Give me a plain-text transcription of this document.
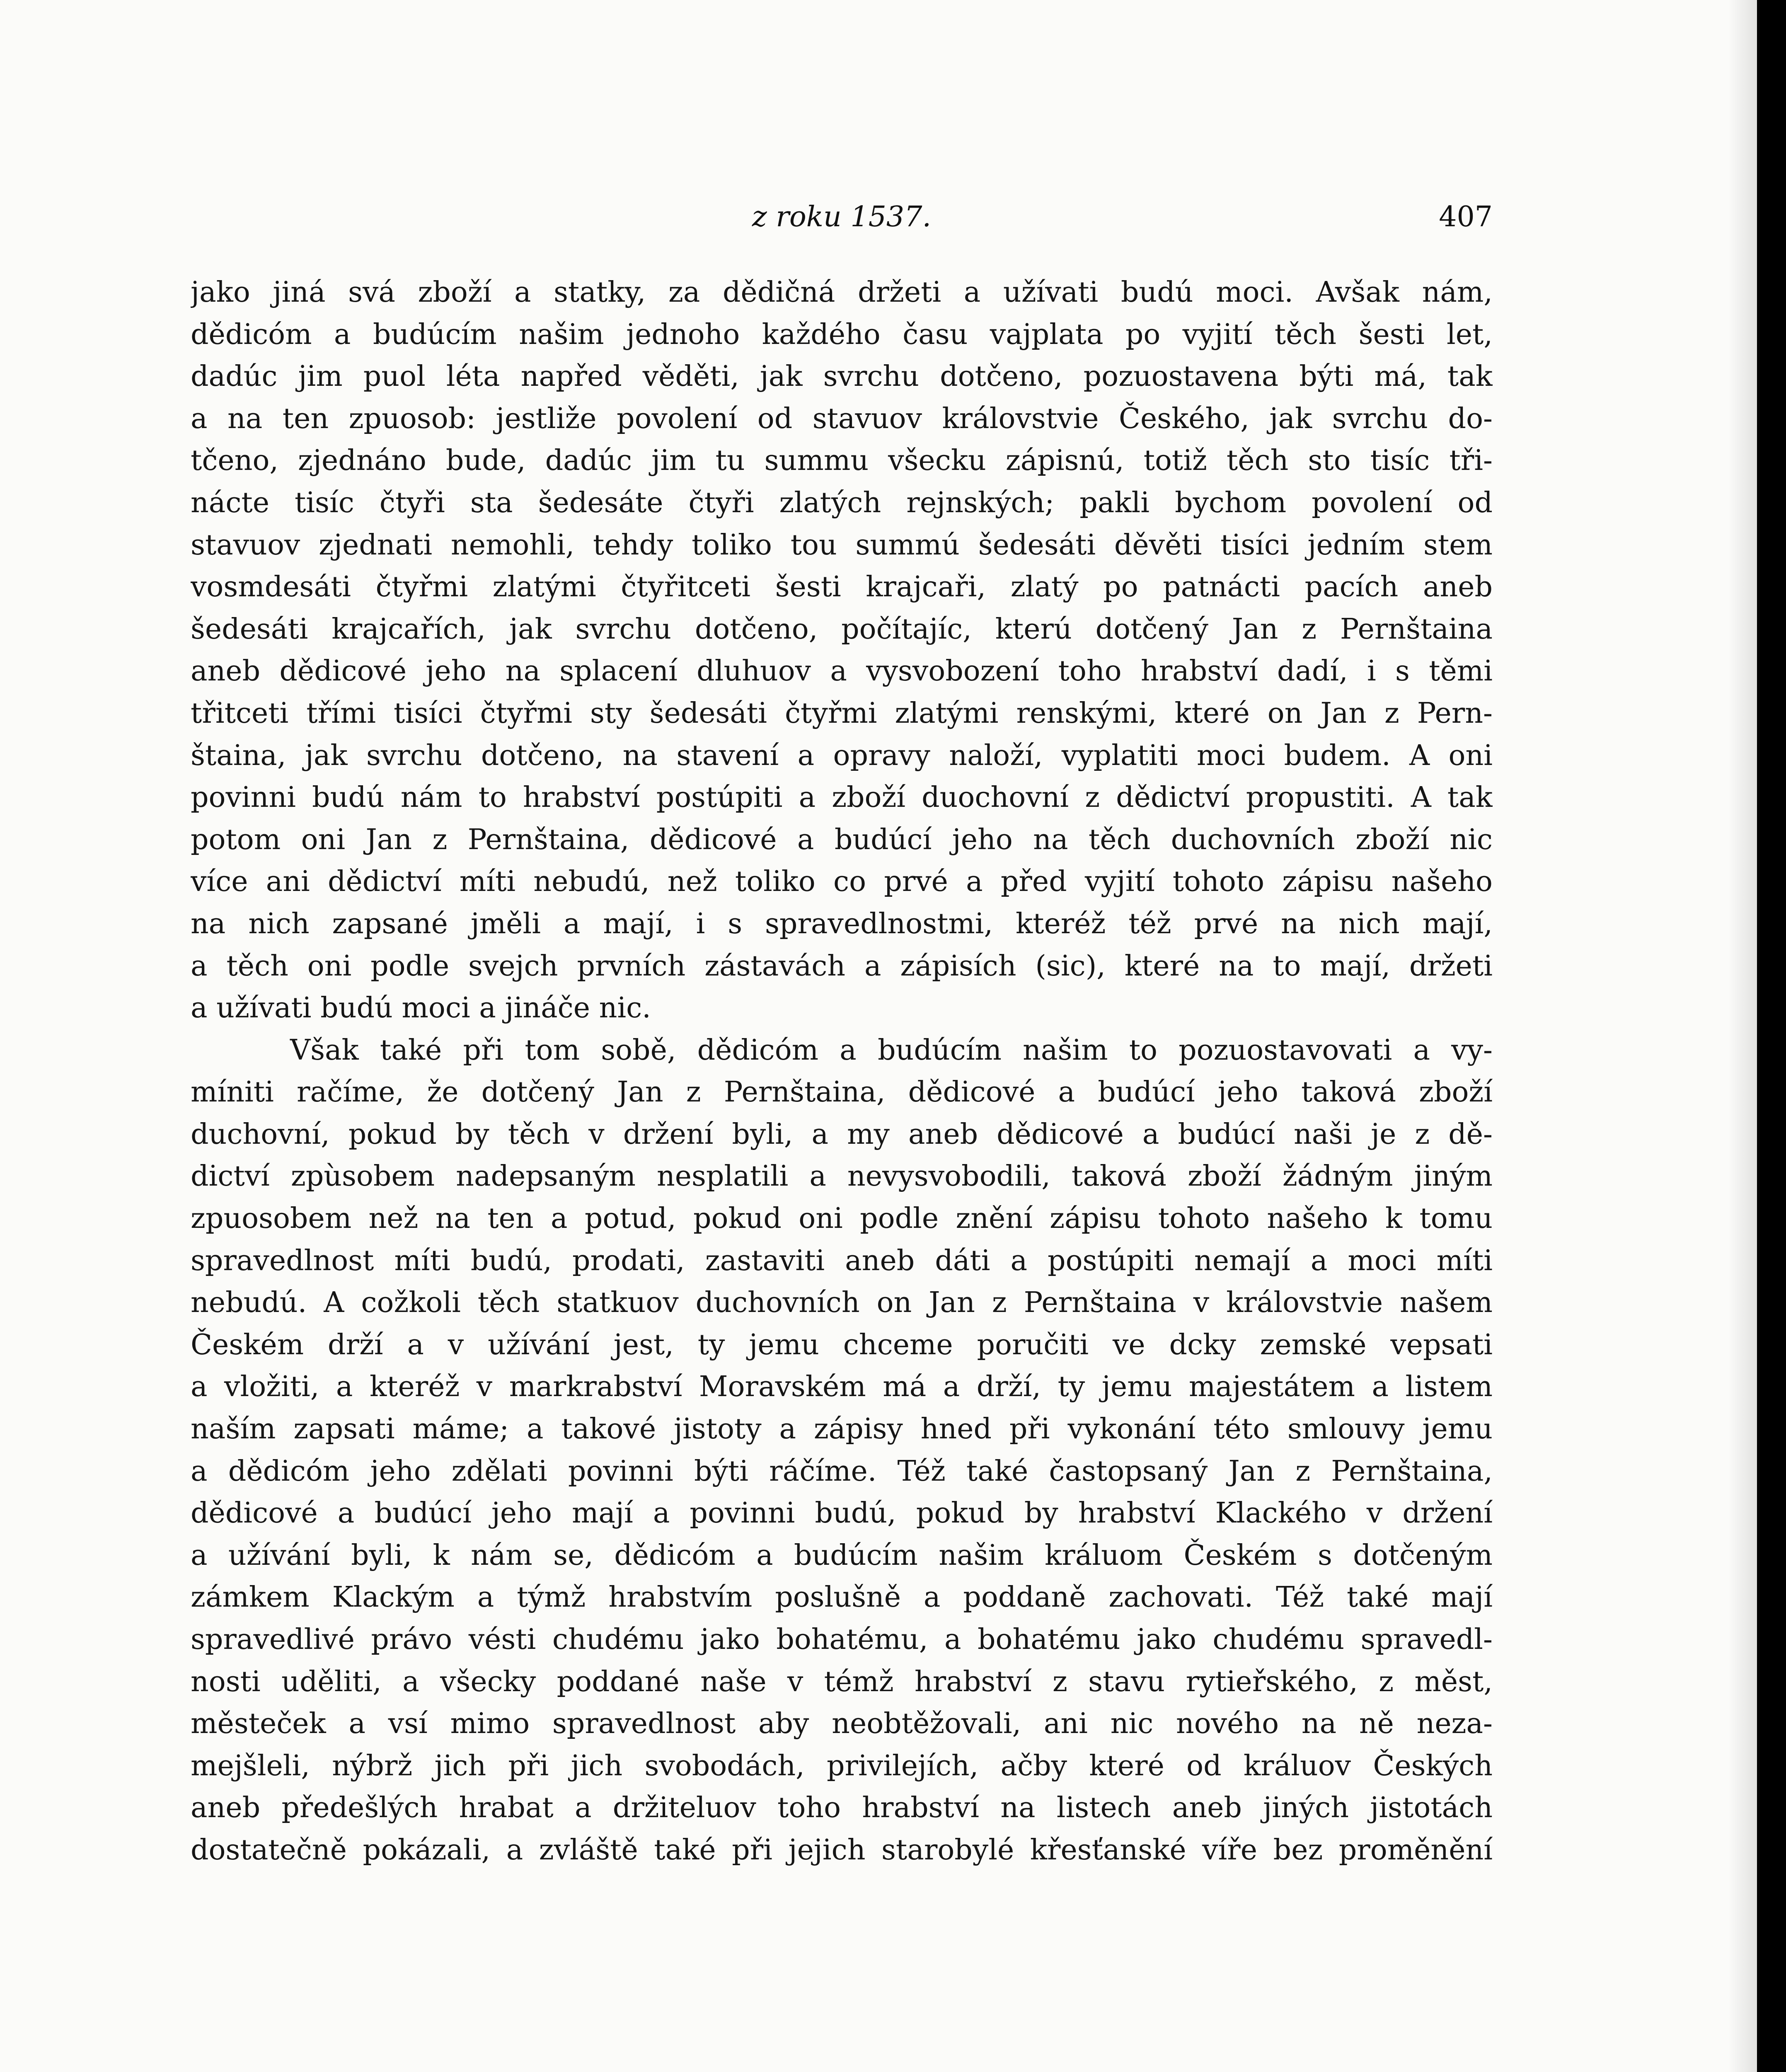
z roku 1537.	407
jako jiná svá zboží a statky, za dědičná držeti a užívati budú moci. Avšak nám,
dědicóm a budúcím našim jednoho každého času vajplata po vyjití těch šesti let,
dadúc jim puol léta napřed věděti, jak svrchu dotčeno, pozuostavena býti má, tak
a na ten zpuosob: jestliže povolení od stavuov královstvie Českého, jak svrchu do-
tčeno, zjednáno bude, dadúc jim tu summu všecku zápisnú, totiž těch sto tisíc tři-
nácte tisíc čtyři sta šedesáte čtyři zlatých rejnských; pakli bychom povolení od
stavuov zjednati nemohli, tehdy toliko tou summú šedesáti děvěti tisíci jedním stem
vosmdesáti čtyřmi zlatými čtyřitceti šesti krajcaři, zlatý po patnácti pacích aneb
šedesáti krajcařích, jak svrchu dotčeno, počítajíc, kterú dotčený Jan z Pernštaina
aneb dědicové jeho na splacení dluhuov a vysvobození toho hrabství dadí, i s těmi
třitceti třími tisíci čtyřmi sty šedesáti čtyřmi zlatými renskými, které on Jan z Pern-
štaina, jak svrchu dotčeno, na stavení a opravy naloží, vyplatiti moci budem. A oni
povinni budú nám to hrabství postúpiti a zboží duochovní z dědictví propustiti. A tak
potom oni Jan z Pernštaina, dědicové a budúcí jeho na těch duchovních zboží nic
více ani dědictví míti nebudú, než toliko co prvé a před vyjití tohoto zápisu našeho
na nich zapsané jměli a mají, i s spravedlnostmi, kteréž též prvé na nich mají,
a těch oni podle svejch prvních zástavách a zápisích (sic), které na to mají, držeti
a užívati budú moci a jináče nic.
Však také při tom sobě, dědicóm a budúcím našim to pozuostavovati a vy-
míniti račíme, že dotčený Jan z Pernštaina, dědicové a budúcí jeho taková zboží
duchovní, pokud by těch v držení byli, a my aneb dědicové a budúcí naši je z dě-
dictví zpùsobem nadepsaným nesplatili a nevysvobodili, taková zboží žádným jiným
zpuosobem než na ten a potud, pokud oni podle znění zápisu tohoto našeho k tomu
spravedlnost míti budú, prodati, zastaviti aneb dáti a postúpiti nemají a moci míti
nebudú. A cožkoli těch statkuov duchovních on Jan z Pernštaina v královstvie našem
Českém drží a v užívání jest, ty jemu chceme poručiti ve dcky zemské vepsati
a vložiti, a kteréž v markrabství Moravském má a drží, ty jemu majestátem a listem
naším zapsati máme; a takové jistoty a zápisy hned při vykonání této smlouvy jemu
a dědicóm jeho zdělati povinni býti ráčíme. Též také častopsaný Jan z Pernštaina,
dědicové a budúcí jeho mají a povinni budú, pokud by hrabství Klackého v držení
a užívání byli, k nám se, dědicóm a budúcím našim králuom Českém s dotčeným
zámkem Klackým a týmž hrabstvím poslušně a poddaně zachovati. Též také mají
spravedlivé právo vésti chudému jako bohatému, a bohatému jako chudému spravedl-
nosti uděliti, a všecky poddané naše v témž hrabství z stavu rytieřského, z měst,
městeček a vsí mimo spravedlnost aby neobtěžovali, ani nic nového na ně neza-
mejšleli, nýbrž jich při jich svobodách, privilejích, ačby které od králuov Českých
aneb předešlých hrabat a držiteluov toho hrabství na listech aneb jiných jistotách
dostatečně pokázali, a zvláště také při jejich starobylé křesťanské víře bez proměnění
